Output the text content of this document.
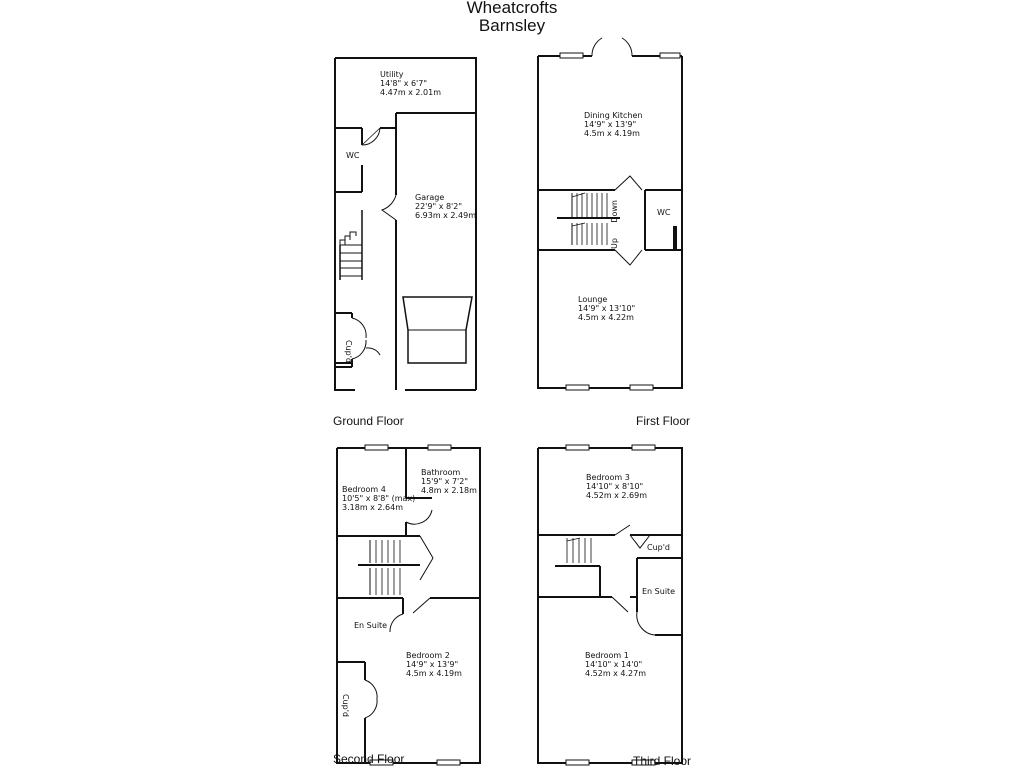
Wheatcrofts
Barnsley
Utility 14'8" x 6'7" 4.47m x 2.01m
WC
Garage 22'9" x 8'2" 6.93m x 2.49m
Cup'd
Dining Kitchen 14'9" x 13'9" 4.5m x 4.19m
WC
Down
Up
Lounge 14'9" x 13'10" 4.5m x 4.22m
Bedroom 4 10'5" x 8'8" (max) 3.18m x 2.64m
Bathroom 15'9" x 7'2" 4.8m x 2.18m
En Suite
Bedroom 2 14'9" x 13'9" 4.5m x 4.19m
Cup'd
Bedroom 3 14'10" x 8'10" 4.52m x 2.69m
Cup'd
En Suite
Bedroom 1 14'10" x 14'0" 4.52m x 4.27m
Ground Floor	First Floor
Second Floor	Third Floor
